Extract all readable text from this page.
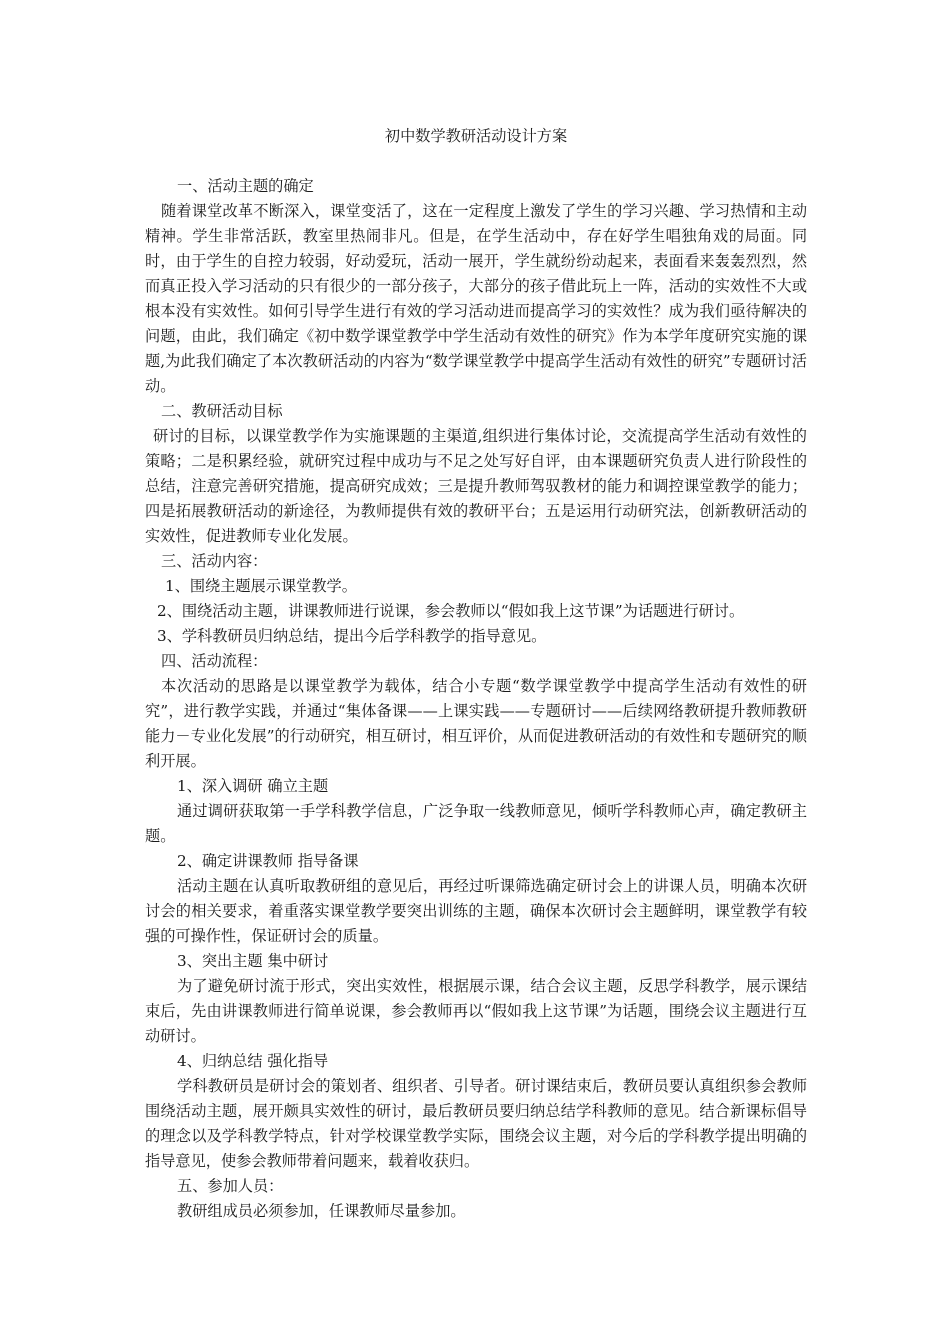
初中数学教研活动设计方案

一、活动主题的确定

随着课堂改革不断深入，课堂变活了，这在一定程度上激发了学生的学习兴趣、学习热情和主动精神。学生非常活跃，教室里热闹非凡。但是，在学生活动中，存在好学生唱独角戏的局面。同时，由于学生的自控力较弱，好动爱玩，活动一展开，学生就纷纷动起来，表面看来轰轰烈烈，然而真正投入学习活动的只有很少的一部分孩子，大部分的孩子借此玩上一阵，活动的实效性不大或根本没有实效性。如何引导学生进行有效的学习活动进而提高学习的实效性？成为我们亟待解决的问题，由此，我们确定《初中数学课堂教学中学生活动有效性的研究》作为本学年度研究实施的课题,为此我们确定了本次教研活动的内容为“数学课堂教学中提高学生活动有效性的研究”专题研讨活动。

二、教研活动目标

研讨的目标，以课堂教学作为实施课题的主渠道,组织进行集体讨论，交流提高学生活动有效性的策略；二是积累经验，就研究过程中成功与不足之处写好自评，由本课题研究负责人进行阶段性的总结，注意完善研究措施，提高研究成效；三是提升教师驾驭教材的能力和调控课堂教学的能力；四是拓展教研活动的新途径，为教师提供有效的教研平台；五是运用行动研究法，创新教研活动的实效性，促进教师专业化发展。

三、活动内容：

1、围绕主题展示课堂教学。

2、围绕活动主题，讲课教师进行说课，参会教师以“假如我上这节课”为话题进行研讨。

3、学科教研员归纳总结，提出今后学科教学的指导意见。

四、活动流程：

本次活动的思路是以课堂教学为载体，结合小专题“数学课堂教学中提高学生活动有效性的研究”，进行教学实践，并通过“集体备课——上课实践——专题研讨——后续网络教研提升教师教研能力－专业化发展”的行动研究，相互研讨，相互评价，从而促进教研活动的有效性和专题研究的顺利开展。

1、深入调研 确立主题

通过调研获取第一手学科教学信息，广泛争取一线教师意见，倾听学科教师心声，确定教研主题。

2、确定讲课教师 指导备课

活动主题在认真听取教研组的意见后，再经过听课筛选确定研讨会上的讲课人员，明确本次研讨会的相关要求，着重落实课堂教学要突出训练的主题，确保本次研讨会主题鲜明，课堂教学有较强的可操作性，保证研讨会的质量。

3、突出主题 集中研讨

为了避免研讨流于形式，突出实效性，根据展示课，结合会议主题，反思学科教学，展示课结束后，先由讲课教师进行简单说课，参会教师再以“假如我上这节课”为话题，围绕会议主题进行互动研讨。

4、归纳总结 强化指导

学科教研员是研讨会的策划者、组织者、引导者。研讨课结束后，教研员要认真组织参会教师围绕活动主题，展开颇具实效性的研讨，最后教研员要归纳总结学科教师的意见。结合新课标倡导的理念以及学科教学特点，针对学校课堂教学实际，围绕会议主题，对今后的学科教学提出明确的指导意见，使参会教师带着问题来，载着收获归。

五、参加人员：

教研组成员必须参加，任课教师尽量参加。
